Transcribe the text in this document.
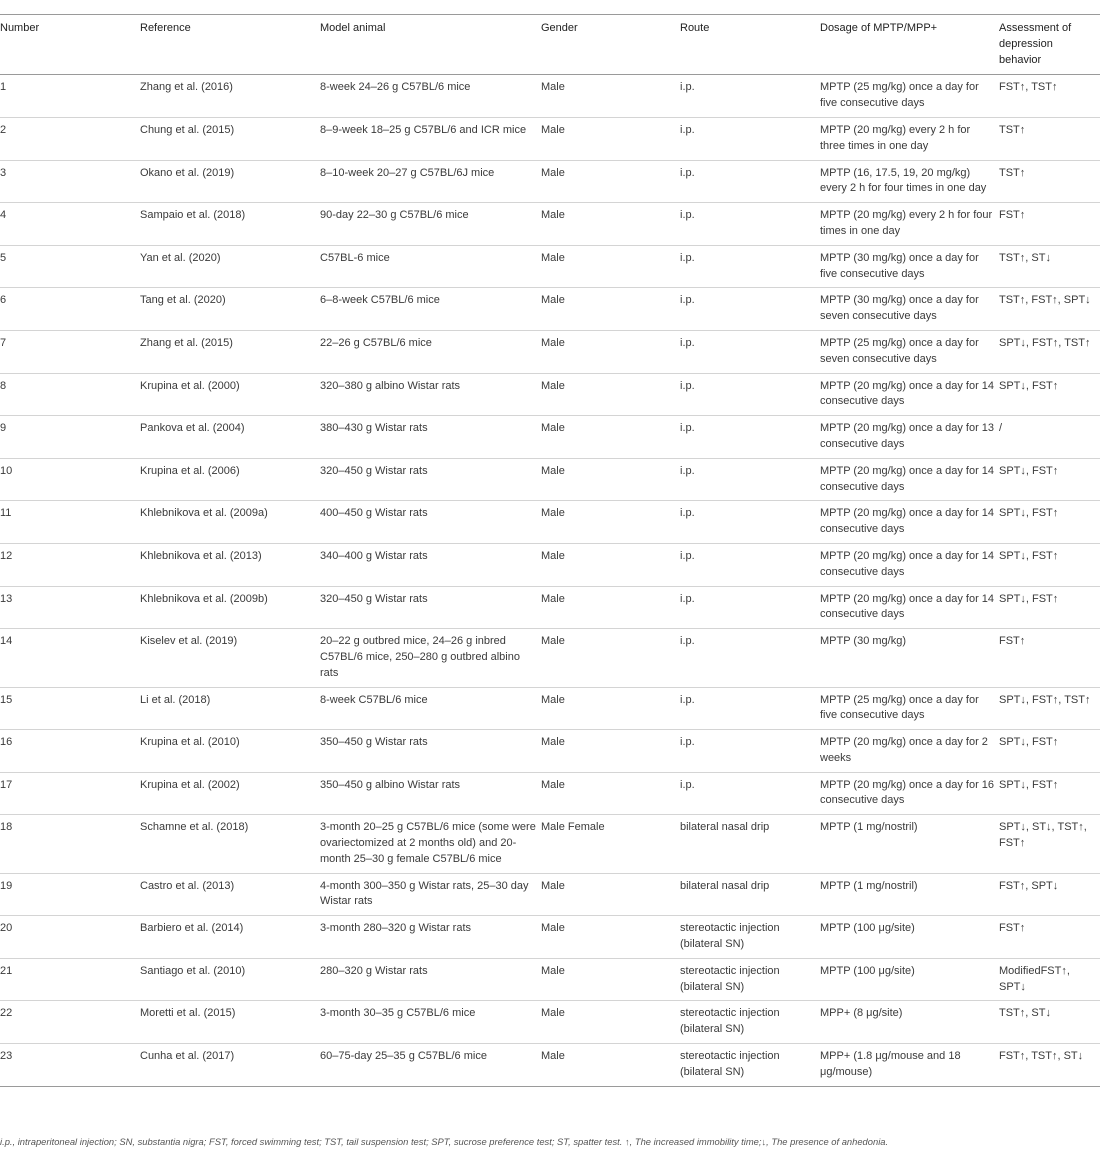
Number	Reference	Model animal	Gender	Route	Dosage of MPTP/MPP+	Assessment of depression behavior
1	Zhang et al. (2016)	8-week 24–26 g C57BL/6 mice	Male	i.p.	MPTP (25 mg/kg) once a day for five consecutive days	FST↑, TST↑
2	Chung et al. (2015)	8–9-week 18–25 g C57BL/6 and ICR mice	Male	i.p.	MPTP (20 mg/kg) every 2 h for three times in one day	TST↑
3	Okano et al. (2019)	8–10-week 20–27 g C57BL/6J mice	Male	i.p.	MPTP (16, 17.5, 19, 20 mg/kg) every 2 h for four times in one day	TST↑
4	Sampaio et al. (2018)	90-day 22–30 g C57BL/6 mice	Male	i.p.	MPTP (20 mg/kg) every 2 h for four times in one day	FST↑
5	Yan et al. (2020)	C57BL-6 mice	Male	i.p.	MPTP (30 mg/kg) once a day for five consecutive days	TST↑, ST↓
6	Tang et al. (2020)	6–8-week C57BL/6 mice	Male	i.p.	MPTP (30 mg/kg) once a day for seven consecutive days	TST↑, FST↑, SPT↓
7	Zhang et al. (2015)	22–26 g C57BL/6 mice	Male	i.p.	MPTP (25 mg/kg) once a day for seven consecutive days	SPT↓, FST↑, TST↑
8	Krupina et al. (2000)	320–380 g albino Wistar rats	Male	i.p.	MPTP (20 mg/kg) once a day for 14 consecutive days	SPT↓, FST↑
9	Pankova et al. (2004)	380–430 g Wistar rats	Male	i.p.	MPTP (20 mg/kg) once a day for 13 consecutive days	/
10	Krupina et al. (2006)	320–450 g Wistar rats	Male	i.p.	MPTP (20 mg/kg) once a day for 14 consecutive days	SPT↓, FST↑
11	Khlebnikova et al. (2009a)	400–450 g Wistar rats	Male	i.p.	MPTP (20 mg/kg) once a day for 14 consecutive days	SPT↓, FST↑
12	Khlebnikova et al. (2013)	340–400 g Wistar rats	Male	i.p.	MPTP (20 mg/kg) once a day for 14 consecutive days	SPT↓, FST↑
13	Khlebnikova et al. (2009b)	320–450 g Wistar rats	Male	i.p.	MPTP (20 mg/kg) once a day for 14 consecutive days	SPT↓, FST↑
14	Kiselev et al. (2019)	20–22 g outbred mice, 24–26 g inbred C57BL/6 mice, 250–280 g outbred albino rats	Male	i.p.	MPTP (30 mg/kg)	FST↑
15	Li et al. (2018)	8-week C57BL/6 mice	Male	i.p.	MPTP (25 mg/kg) once a day for five consecutive days	SPT↓, FST↑, TST↑
16	Krupina et al. (2010)	350–450 g Wistar rats	Male	i.p.	MPTP (20 mg/kg) once a day for 2 weeks	SPT↓, FST↑
17	Krupina et al. (2002)	350–450 g albino Wistar rats	Male	i.p.	MPTP (20 mg/kg) once a day for 16 consecutive days	SPT↓, FST↑
18	Schamne et al. (2018)	3-month 20–25 g C57BL/6 mice (some were ovariectomized at 2 months old) and 20-month 25–30 g female C57BL/6 mice	Male Female	bilateral nasal drip	MPTP (1 mg/nostril)	SPT↓, ST↓, TST↑, FST↑
19	Castro et al. (2013)	4-month 300–350 g Wistar rats, 25–30 day Wistar rats	Male	bilateral nasal drip	MPTP (1 mg/nostril)	FST↑, SPT↓
20	Barbiero et al. (2014)	3-month 280–320 g Wistar rats	Male	stereotactic injection (bilateral SN)	MPTP (100 μg/site)	FST↑
21	Santiago et al. (2010)	280–320 g Wistar rats	Male	stereotactic injection (bilateral SN)	MPTP (100 μg/site)	ModifiedFST↑, SPT↓
22	Moretti et al. (2015)	3-month 30–35 g C57BL/6 mice	Male	stereotactic injection (bilateral SN)	MPP+ (8 μg/site)	TST↑, ST↓
23	Cunha et al. (2017)	60–75-day 25–35 g C57BL/6 mice	Male	stereotactic injection (bilateral SN)	MPP+ (1.8 μg/mouse and 18 μg/mouse)	FST↑, TST↑, ST↓
i.p., intraperitoneal injection; SN, substantia nigra; FST, forced swimming test; TST, tail suspension test; SPT, sucrose preference test; ST, spatter test. ↑, The increased immobility time;↓, The presence of anhedonia.
